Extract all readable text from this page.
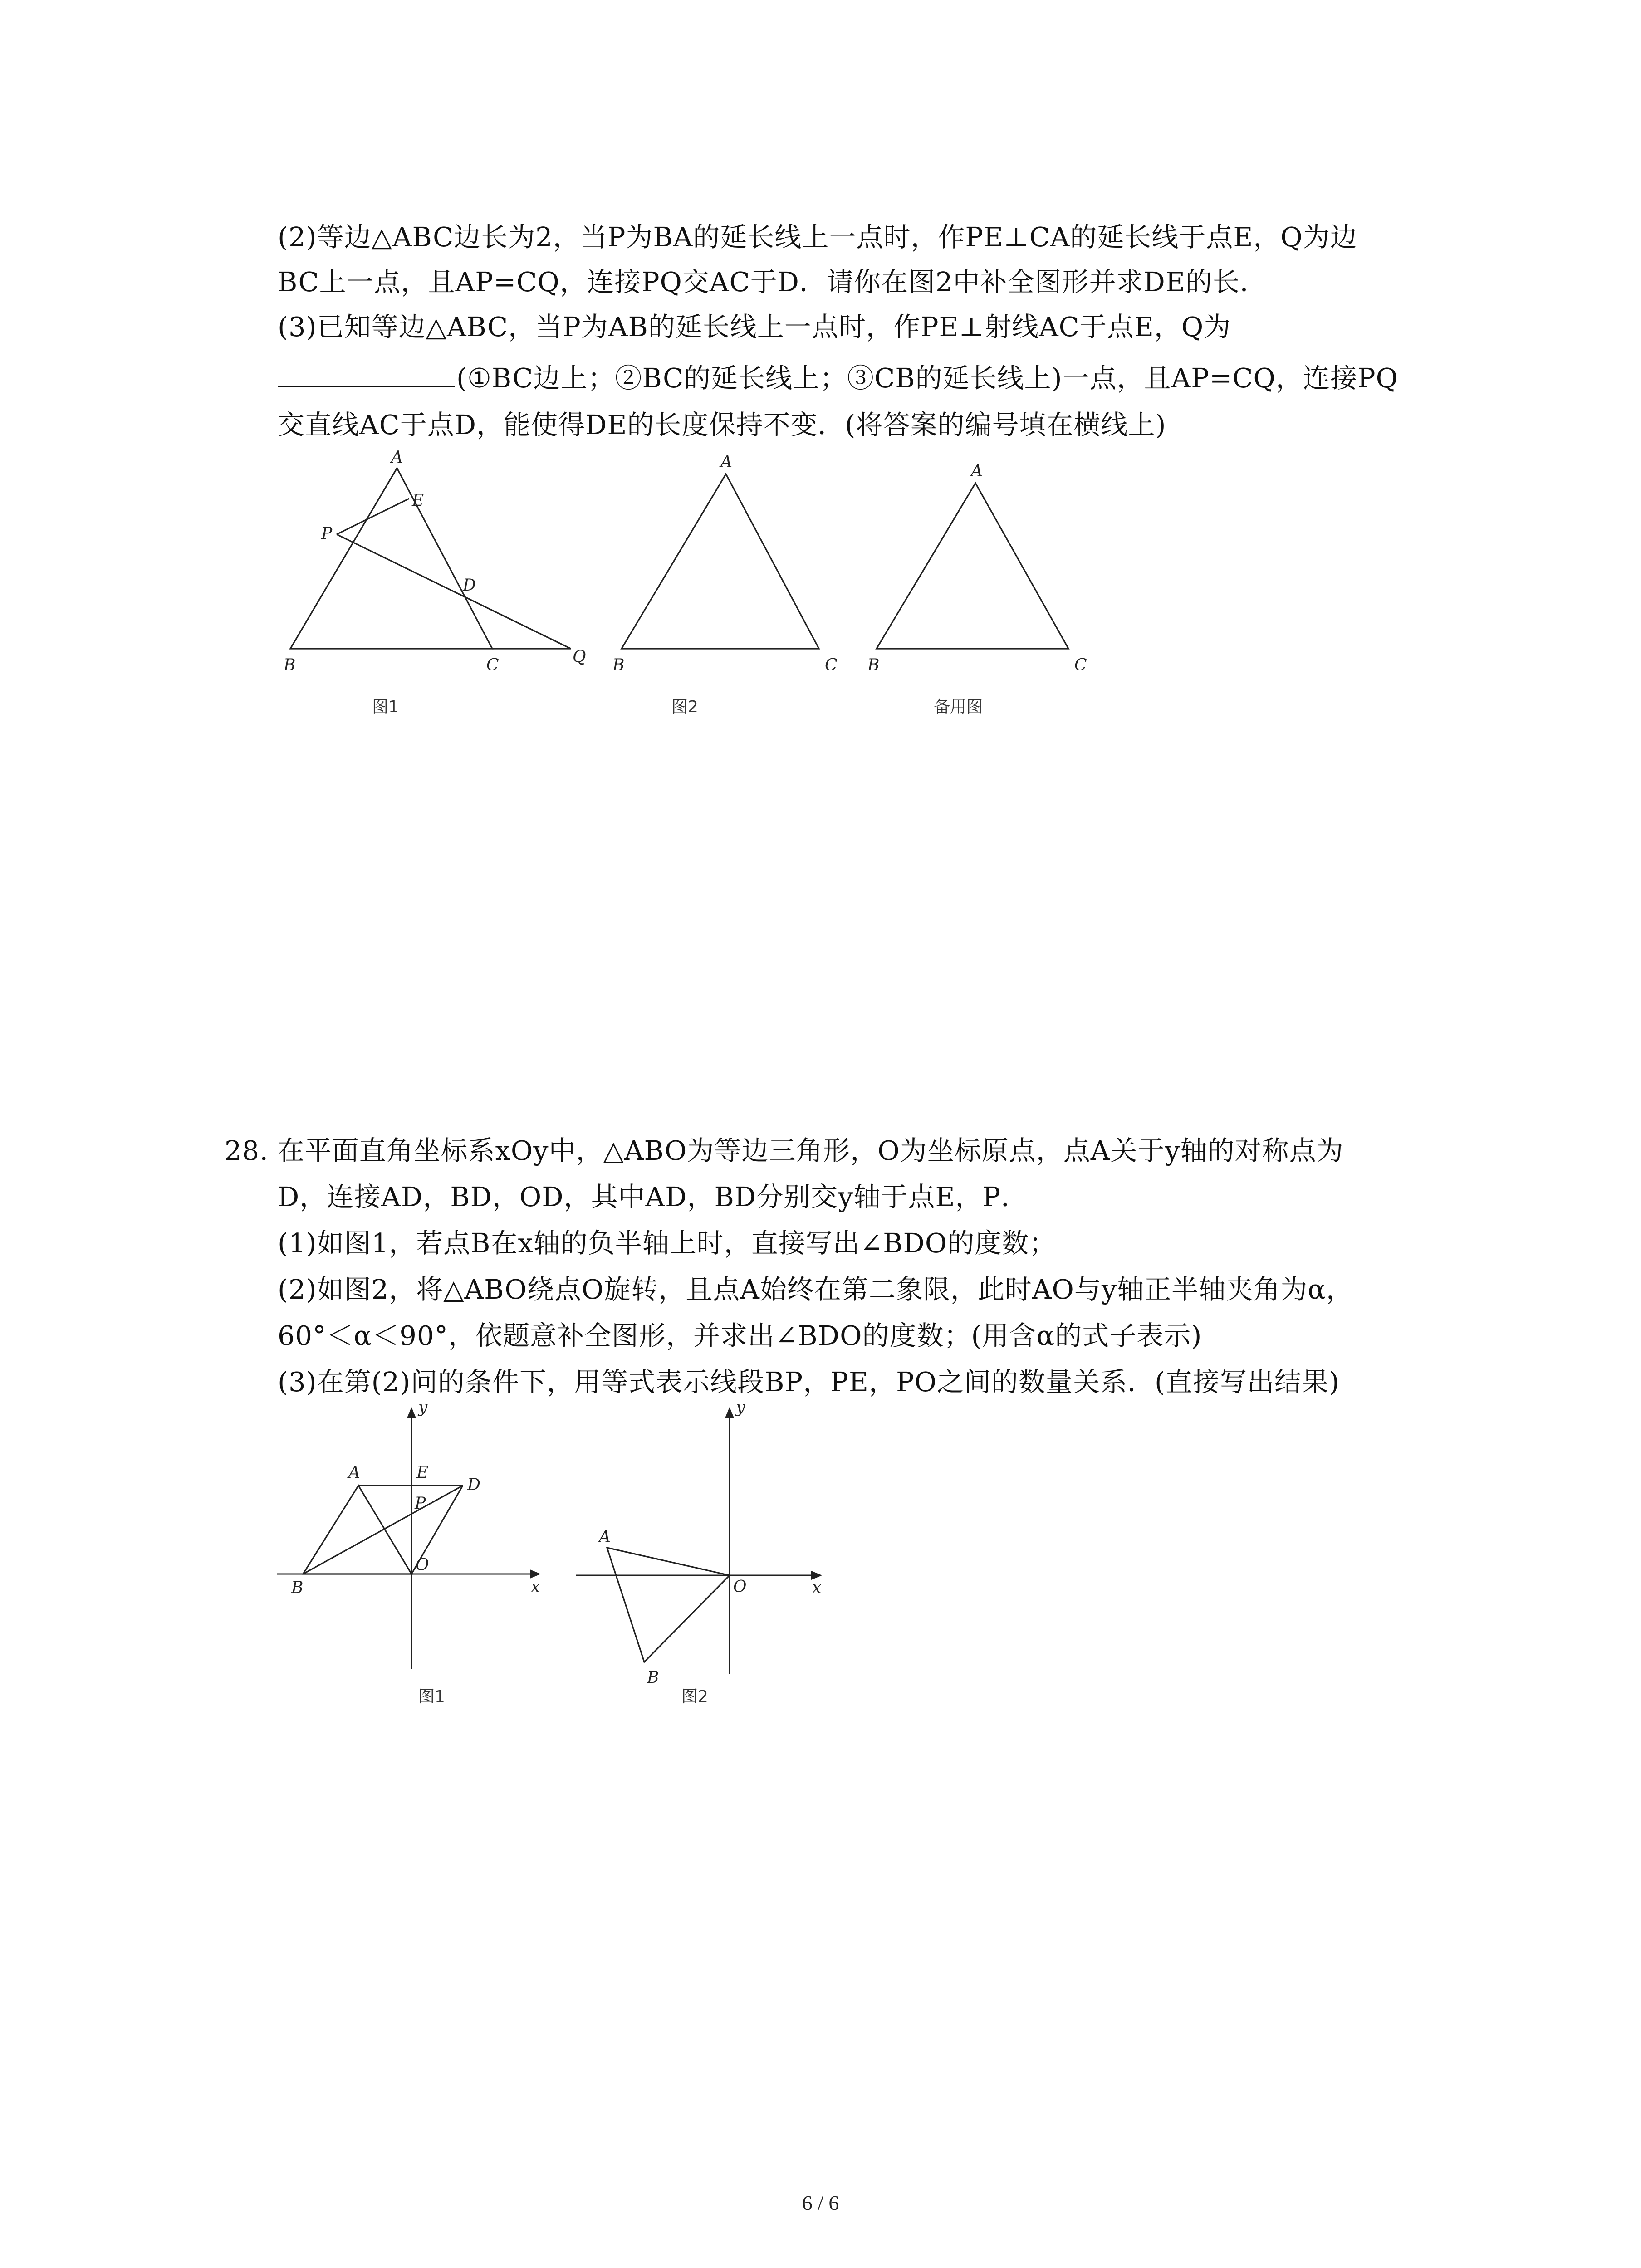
(2)等边△ABC边长为2，当P为BA的延长线上一点时，作PE⊥CA的延长线于点E，Q为边
BC上一点，且AP=CQ，连接PQ交AC于D．请你在图2中补全图形并求DE的长．
(3)已知等边△ABC，当P为AB的延长线上一点时，作PE⊥射线AC于点E，Q为
(①BC边上；②BC的延长线上；③CB的延长线上)一点，且AP=CQ，连接PQ
交直线AC于点D，能使得DE的长度保持不变．(将答案的编号填在横线上)
A
E
P
D
B	C	Q
图1
A
B	C
图2
A
B	C
备用图
28. 在平面直角坐标系xOy中，△ABO为等边三角形，O为坐标原点，点A关于y轴的对称点为
D，连接AD，BD，OD，其中AD，BD分别交y轴于点E，P．
(1)如图1，若点B在x轴的负半轴上时，直接写出∠BDO的度数；
(2)如图2，将△ABO绕点O旋转，且点A始终在第二象限，此时AO与y轴正半轴夹角为α，
60°＜α＜90°，依题意补全图形，并求出∠BDO的度数；(用含α的式子表示)
(3)在第(2)问的条件下，用等式表示线段BP，PE，PO之间的数量关系．(直接写出结果)
y
x
A	E
D
P
O
B
图1
y
x
A
O
B
图2
6 / 6
